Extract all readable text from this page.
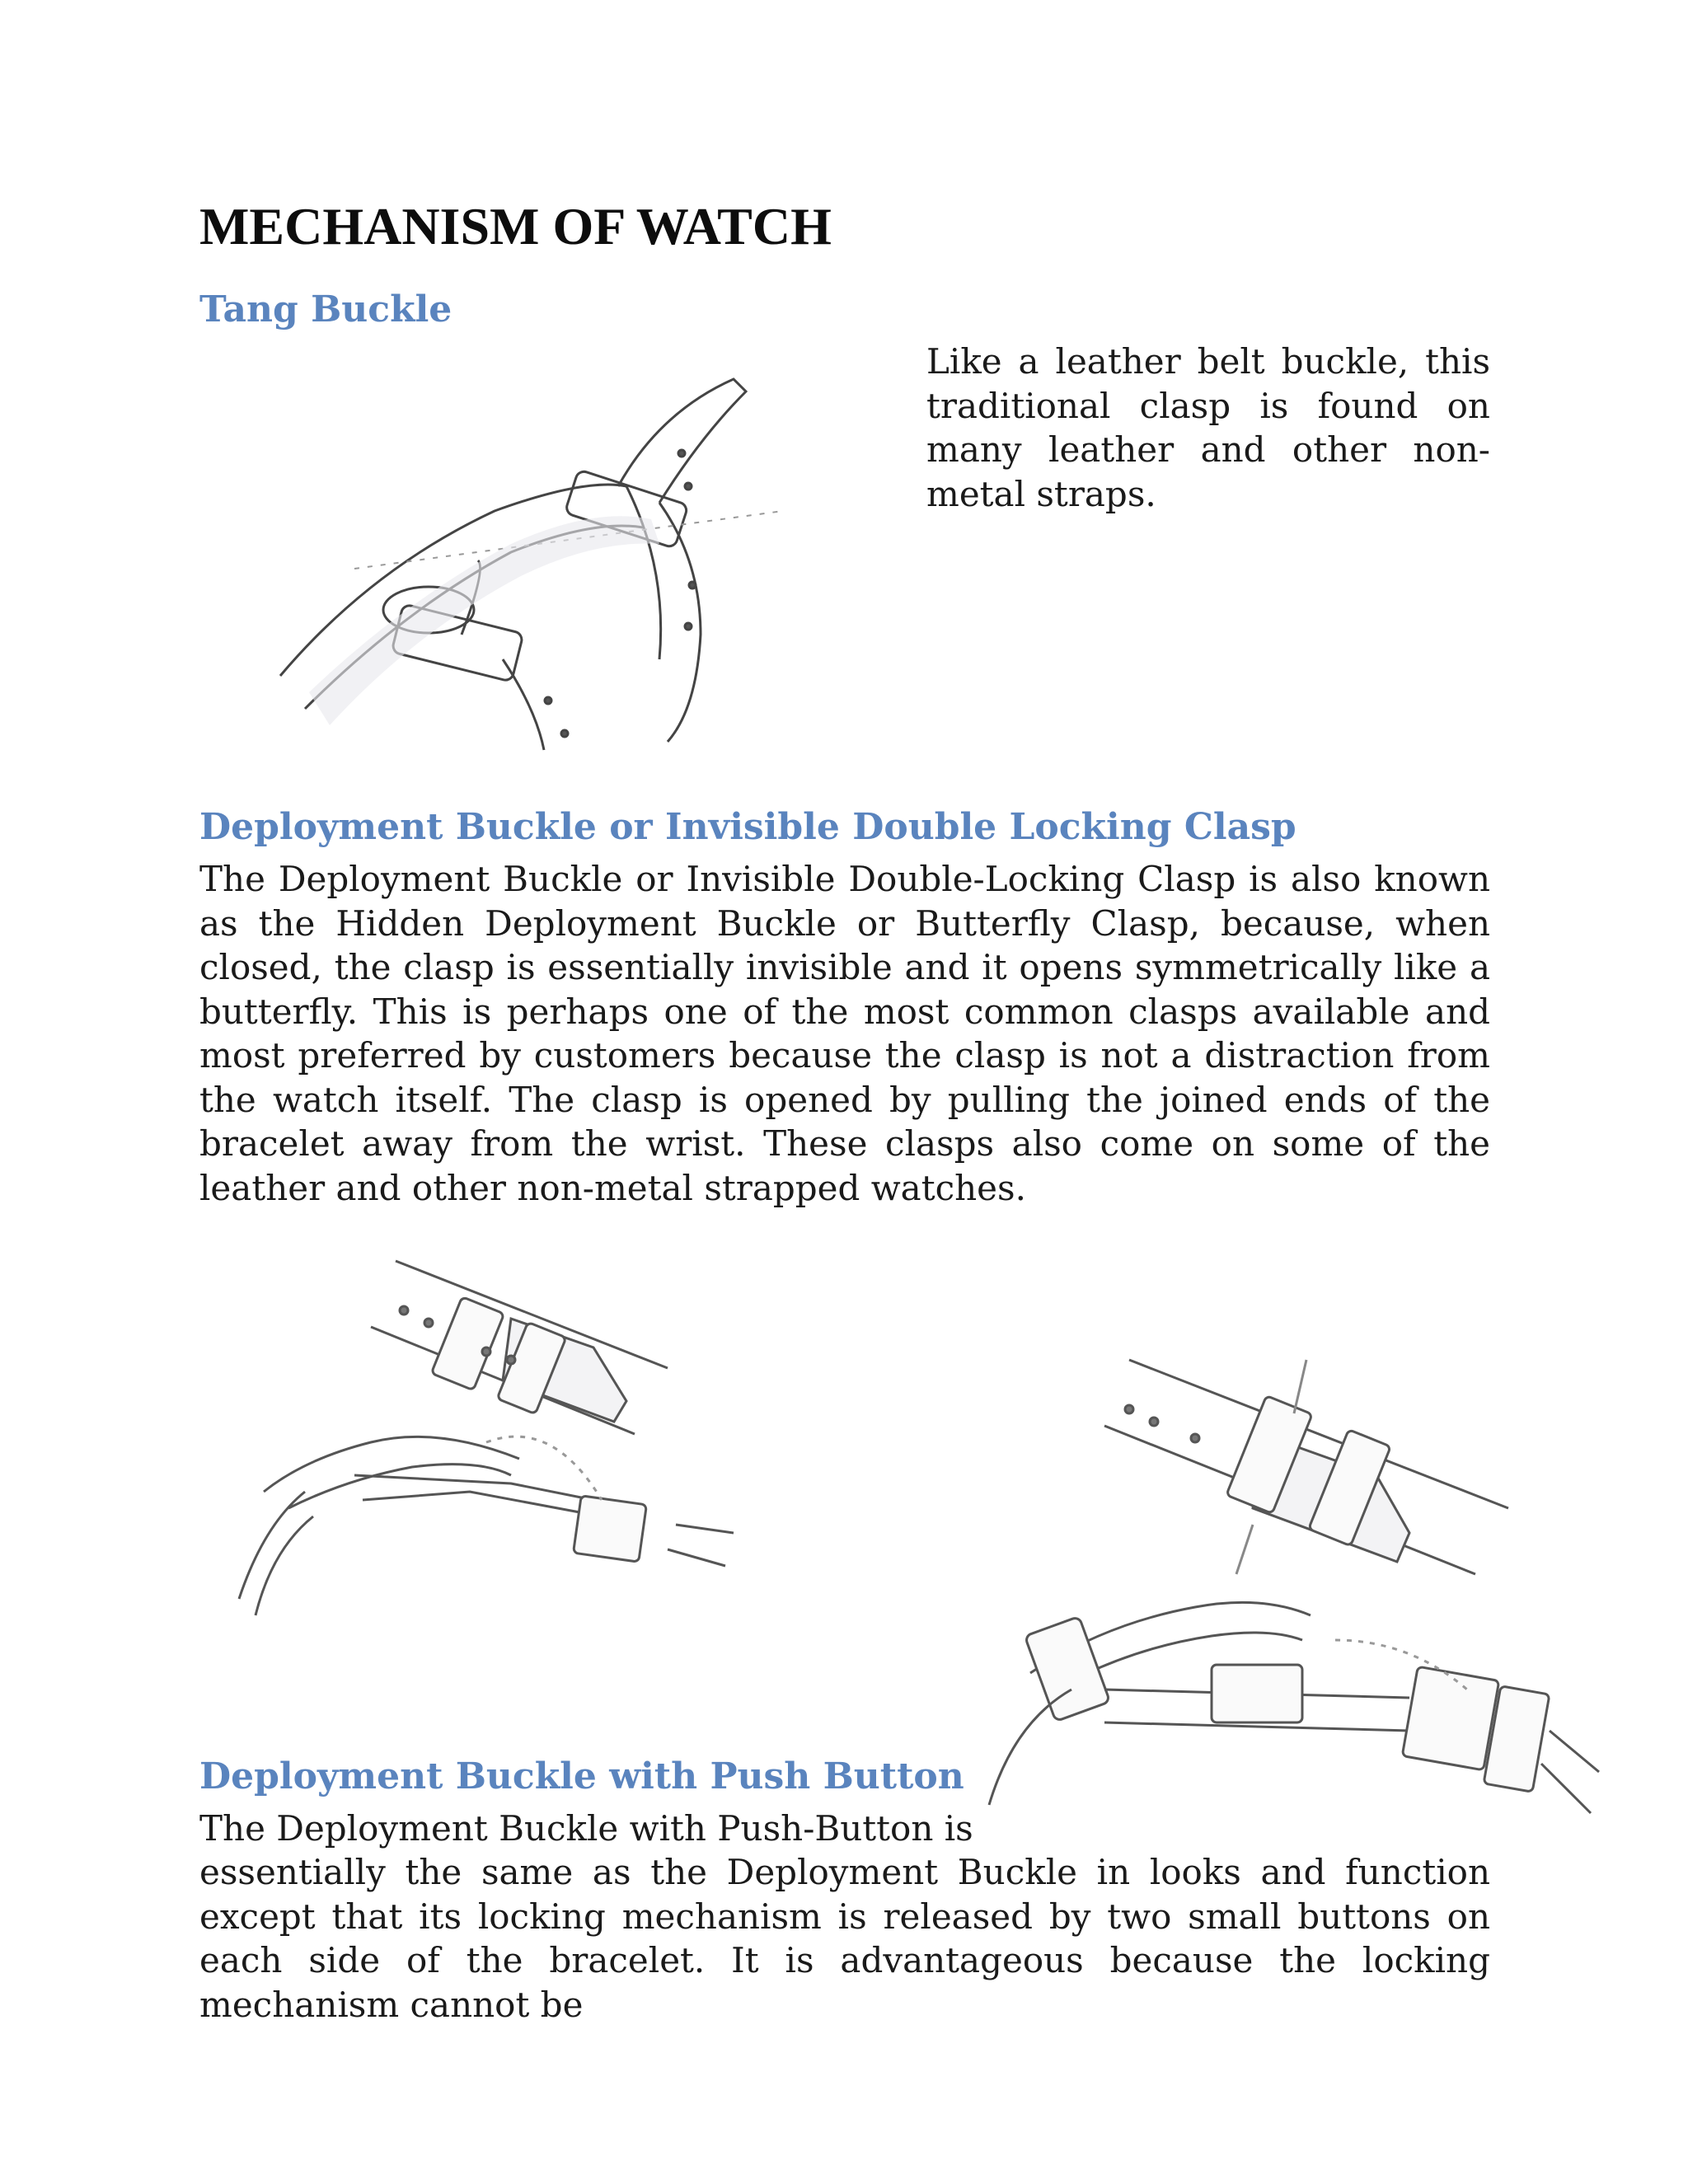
MECHANISM OF WATCH
Tang Buckle

Like a leather belt buckle, this traditional clasp is found on many leather and other non-metal straps.

Deployment Buckle or Invisible Double Locking Clasp

The Deployment Buckle or Invisible Double-Locking Clasp is also known as the Hidden Deployment Buckle or Butterfly Clasp, because, when closed, the clasp is essentially invisible and it opens symmetrically like a butterfly. This is perhaps one of the most common clasps available and most preferred by customers because the clasp is not a distraction from the watch itself. The clasp is opened by pulling the joined ends of the bracelet away from the wrist. These clasps also come on some of the leather and other non-metal strapped watches.

Deployment Buckle with Push Button

The Deployment Buckle with Push-Button is

essentially the same as the Deployment Buckle in looks and function except that its locking mechanism is released by two small buttons on each side of the bracelet. It is advantageous because the locking mechanism cannot be
